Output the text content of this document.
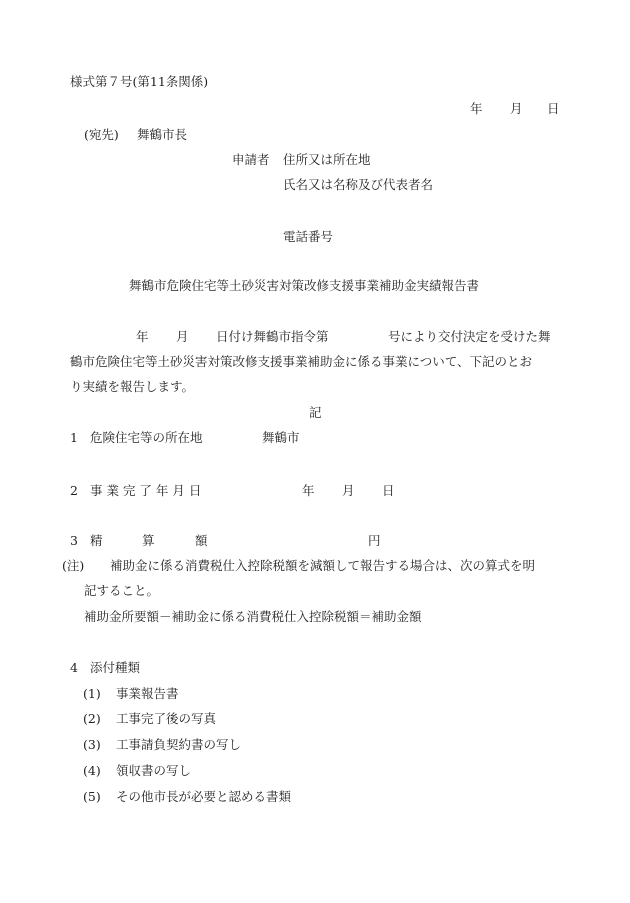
様式第７号(第11条関係)
年 月 日
(宛先) 舞鶴市長
申請者 住所又は所在地
氏名又は名称及び代表者名
電話番号
舞鶴市危険住宅等土砂災害対策改修支援事業補助金実績報告書
年 月 日付け舞鶴市指令第	号により交付決定を受けた舞
鶴市危険住宅等土砂災害対策改修支援事業補助金に係る事業について、下記のとお
り実績を報告します。
記
1 危険住宅等の所在地	舞鶴市
2 事 業 完 了 年 月 日	年 月 日
3 精	算	額	円
(注) 補助金に係る消費税仕入控除税額を減額して報告する場合は、次の算式を明
記すること。
補助金所要額－補助金に係る消費税仕入控除税額＝補助金額
4 添付種類
(1) 事業報告書
(2) 工事完了後の写真
(3) 工事請負契約書の写し
(4) 領収書の写し
(5) その他市長が必要と認める書類
